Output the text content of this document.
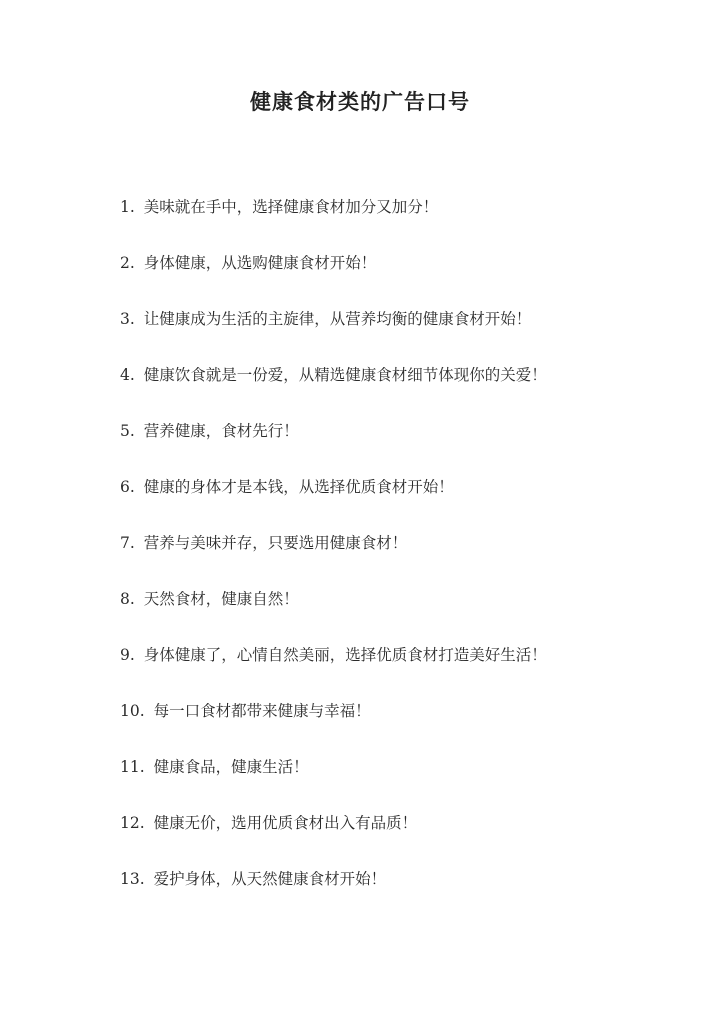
健康食材类的广告口号
1. 美味就在手中，选择健康食材加分又加分！
2. 身体健康，从选购健康食材开始！
3. 让健康成为生活的主旋律，从营养均衡的健康食材开始！
4. 健康饮食就是一份爱，从精选健康食材细节体现你的关爱！
5. 营养健康，食材先行！
6. 健康的身体才是本钱，从选择优质食材开始！
7. 营养与美味并存，只要选用健康食材！
8. 天然食材，健康自然！
9. 身体健康了，心情自然美丽，选择优质食材打造美好生活！
10. 每一口食材都带来健康与幸福！
11. 健康食品，健康生活！
12. 健康无价，选用优质食材出入有品质！
13. 爱护身体，从天然健康食材开始！
